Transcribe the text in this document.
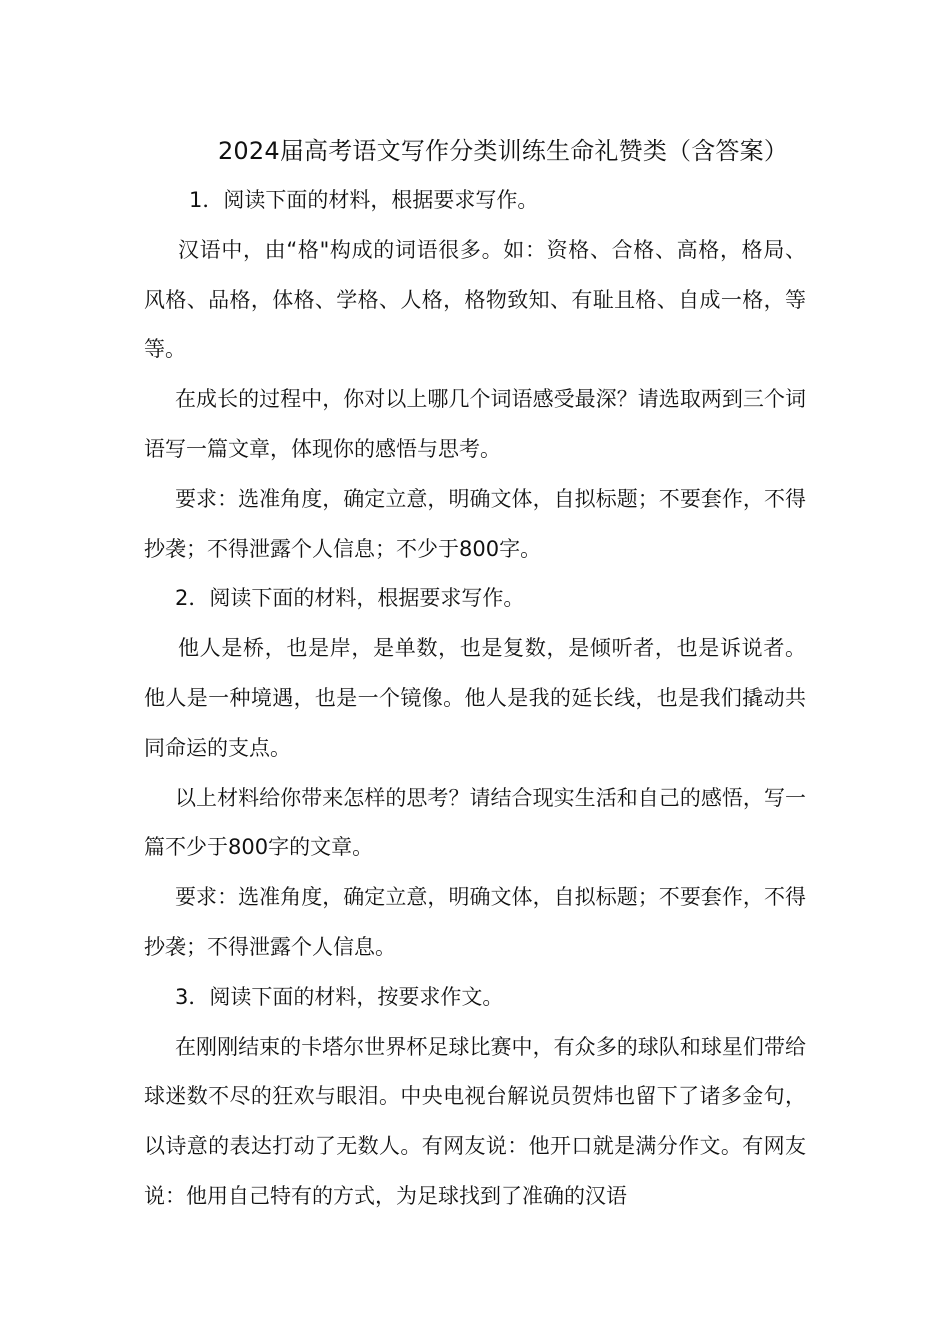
2024届高考语文写作分类训练生命礼赞类（含答案）

1．阅读下面的材料，根据要求写作。

汉语中，由“格"构成的词语很多。如：资格、合格、高格，格局、风格、品格，体格、学格、人格，格物致知、有耻且格、自成一格，等等。

在成长的过程中，你对以上哪几个词语感受最深？请选取两到三个词语写一篇文章，体现你的感悟与思考。

要求：选准角度，确定立意，明确文体，自拟标题；不要套作，不得抄袭；不得泄露个人信息；不少于800字。

2．阅读下面的材料，根据要求写作。

他人是桥，也是岸，是单数，也是复数，是倾听者，也是诉说者。他人是一种境遇，也是一个镜像。他人是我的延长线，也是我们撬动共同命运的支点。

以上材料给你带来怎样的思考？请结合现实生活和自己的感悟，写一篇不少于800字的文章。

要求：选准角度，确定立意，明确文体，自拟标题；不要套作，不得抄袭；不得泄露个人信息。

3．阅读下面的材料，按要求作文。

在刚刚结束的卡塔尔世界杯足球比赛中，有众多的球队和球星们带给球迷数不尽的狂欢与眼泪。中央电视台解说员贺炜也留下了诸多金句，以诗意的表达打动了无数人。有网友说：他开口就是满分作文。有网友说：他用自己特有的方式，为足球找到了准确的汉语
